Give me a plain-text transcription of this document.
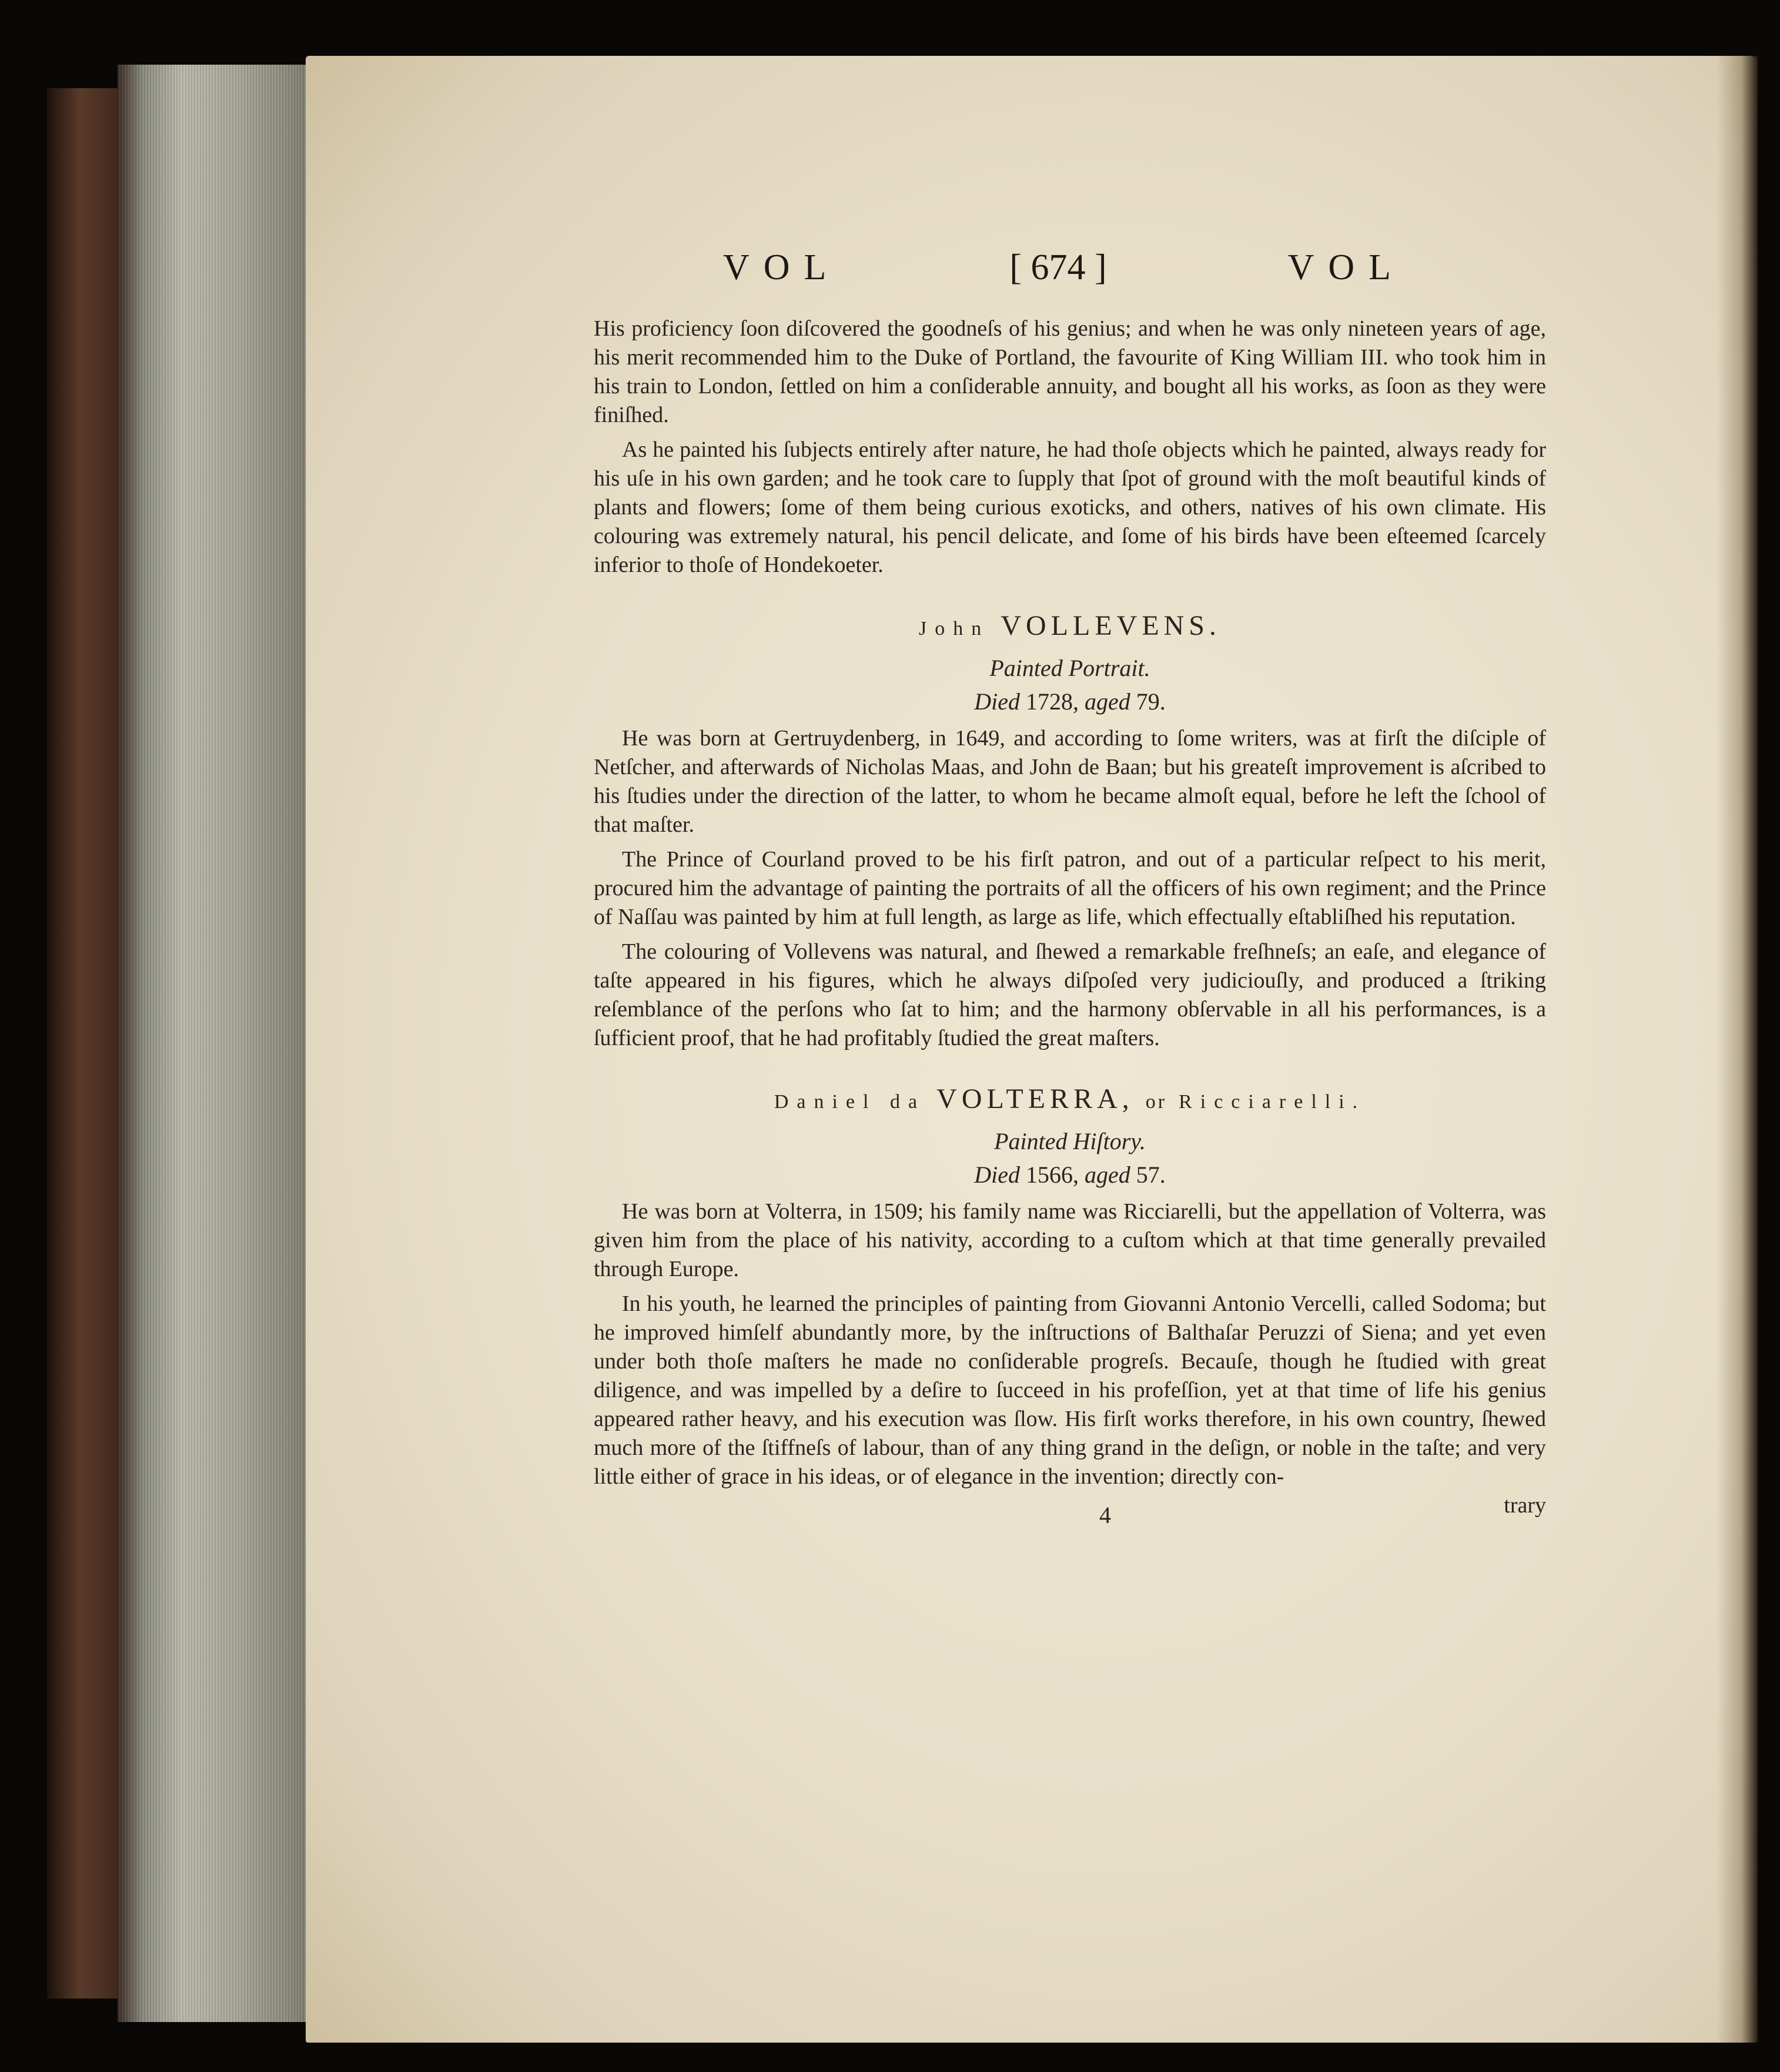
VOL	[ 674 ]	VOL

His proficiency ſoon diſcovered the goodneſs of his genius; and when he was only nineteen years of age, his merit recommended him to the Duke of Portland, the favourite of King William III. who took him in his train to London, ſettled on him a conſiderable annuity, and bought all his works, as ſoon as they were finiſhed.

As he painted his ſubjects entirely after nature, he had thoſe objects which he painted, always ready for his uſe in his own garden; and he took care to ſupply that ſpot of ground with the moſt beautiful kinds of plants and flowers; ſome of them being curious exoticks, and others, natives of his own climate. His colouring was extremely natural, his pencil delicate, and ſome of his birds have been eſteemed ſcarcely inferior to thoſe of Hondekoeter.

John VOLLEVENS.
Painted Portrait.
Died 1728, aged 79.

He was born at Gertruydenberg, in 1649, and according to ſome writers, was at firſt the diſciple of Netſcher, and afterwards of Nicholas Maas, and John de Baan; but his greateſt improvement is aſcribed to his ſtudies under the direction of the latter, to whom he became almoſt equal, before he left the ſchool of that maſter.

The Prince of Courland proved to be his firſt patron, and out of a particular reſpect to his merit, procured him the advantage of painting the portraits of all the officers of his own regiment; and the Prince of Naſſau was painted by him at full length, as large as life, which effectually eſtabliſhed his reputation.

The colouring of Vollevens was natural, and ſhewed a remarkable freſhneſs; an eaſe, and elegance of taſte appeared in his figures, which he always diſpoſed very judiciouſly, and produced a ſtriking reſemblance of the perſons who ſat to him; and the harmony obſervable in all his performances, is a ſufficient proof, that he had profitably ſtudied the great maſters.

Daniel da VOLTERRA, or Ricciarelli.
Painted Hiſtory.
Died 1566, aged 57.

He was born at Volterra, in 1509; his family name was Ricciarelli, but the appellation of Volterra, was given him from the place of his nativity, according to a cuſtom which at that time generally prevailed through Europe.

In his youth, he learned the principles of painting from Giovanni Antonio Vercelli, called Sodoma; but he improved himſelf abundantly more, by the inſtructions of Balthaſar Peruzzi of Siena; and yet even under both thoſe maſters he made no conſiderable progreſs. Becauſe, though he ſtudied with great diligence, and was impelled by a deſire to ſucceed in his profeſſion, yet at that time of life his genius appeared rather heavy, and his execution was ſlow. His firſt works therefore, in his own country, ſhewed much more of the ſtiffneſs of labour, than of any thing grand in the deſign, or noble in the taſte; and very little either of grace in his ideas, or of elegance in the invention; directly con-

4	trary
